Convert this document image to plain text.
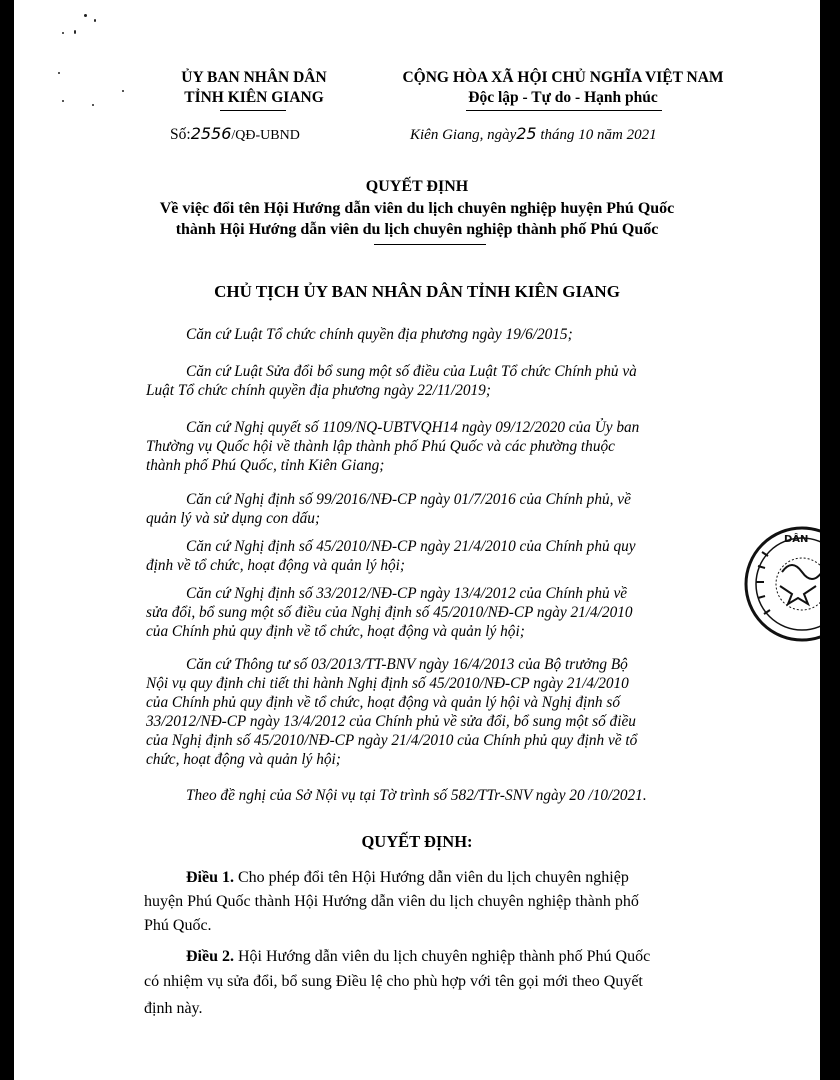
ỦY BAN NHÂN DÂN
TỈNH KIÊN GIANG
Số:2556/QĐ-UBND
CỘNG HÒA XÃ HỘI CHỦ NGHĨA VIỆT NAM
Độc lập - Tự do - Hạnh phúc
Kiên Giang, ngày25 tháng 10 năm 2021
QUYẾT ĐỊNH
Về việc đổi tên Hội Hướng dẫn viên du lịch chuyên nghiệp huyện Phú Quốc
thành Hội Hướng dẫn viên du lịch chuyên nghiệp thành phố Phú Quốc
CHỦ TỊCH ỦY BAN NHÂN DÂN TỈNH KIÊN GIANG
Căn cứ Luật Tổ chức chính quyền địa phương ngày 19/6/2015;
Căn cứ Luật Sửa đổi bổ sung một số điều của Luật Tổ chức Chính phủ và
Luật Tổ chức chính quyền địa phương ngày 22/11/2019;
Căn cứ Nghị quyết số 1109/NQ-UBTVQH14 ngày 09/12/2020 của Ủy ban
Thường vụ Quốc hội về thành lập thành phố Phú Quốc và các phường thuộc
thành phố Phú Quốc, tỉnh Kiên Giang;
Căn cứ Nghị định số 99/2016/NĐ-CP ngày 01/7/2016 của Chính phủ, về
quản lý và sử dụng con dấu;
Căn cứ Nghị định số 45/2010/NĐ-CP ngày 21/4/2010 của Chính phủ quy
định về tổ chức, hoạt động và quản lý hội;
Căn cứ Nghị định số 33/2012/NĐ-CP ngày 13/4/2012 của Chính phủ về
sửa đổi, bổ sung một số điều của Nghị định số 45/2010/NĐ-CP ngày 21/4/2010
của Chính phủ quy định về tổ chức, hoạt động và quản lý hội;
Căn cứ Thông tư số 03/2013/TT-BNV ngày 16/4/2013 của Bộ trưởng Bộ
Nội vụ quy định chi tiết thi hành Nghị định số 45/2010/NĐ-CP ngày 21/4/2010
của Chính phủ quy định về tổ chức, hoạt động và quản lý hội và Nghị định số
33/2012/NĐ-CP ngày 13/4/2012 của Chính phủ về sửa đổi, bổ sung một số điều
của Nghị định số 45/2010/NĐ-CP ngày 21/4/2010 của Chính phủ quy định về tổ
chức, hoạt động và quản lý hội;
Theo đề nghị của Sở Nội vụ tại Tờ trình số 582/TTr-SNV ngày 20 /10/2021.
QUYẾT ĐỊNH:
Điều 1. Cho phép đổi tên Hội Hướng dẫn viên du lịch chuyên nghiệp
huyện Phú Quốc thành Hội Hướng dẫn viên du lịch chuyên nghiệp thành phố
Phú Quốc.
Điều 2. Hội Hướng dẫn viên du lịch chuyên nghiệp thành phố Phú Quốc
có nhiệm vụ sửa đổi, bổ sung Điều lệ cho phù hợp với tên gọi mới theo Quyết
định này.
DÂN
